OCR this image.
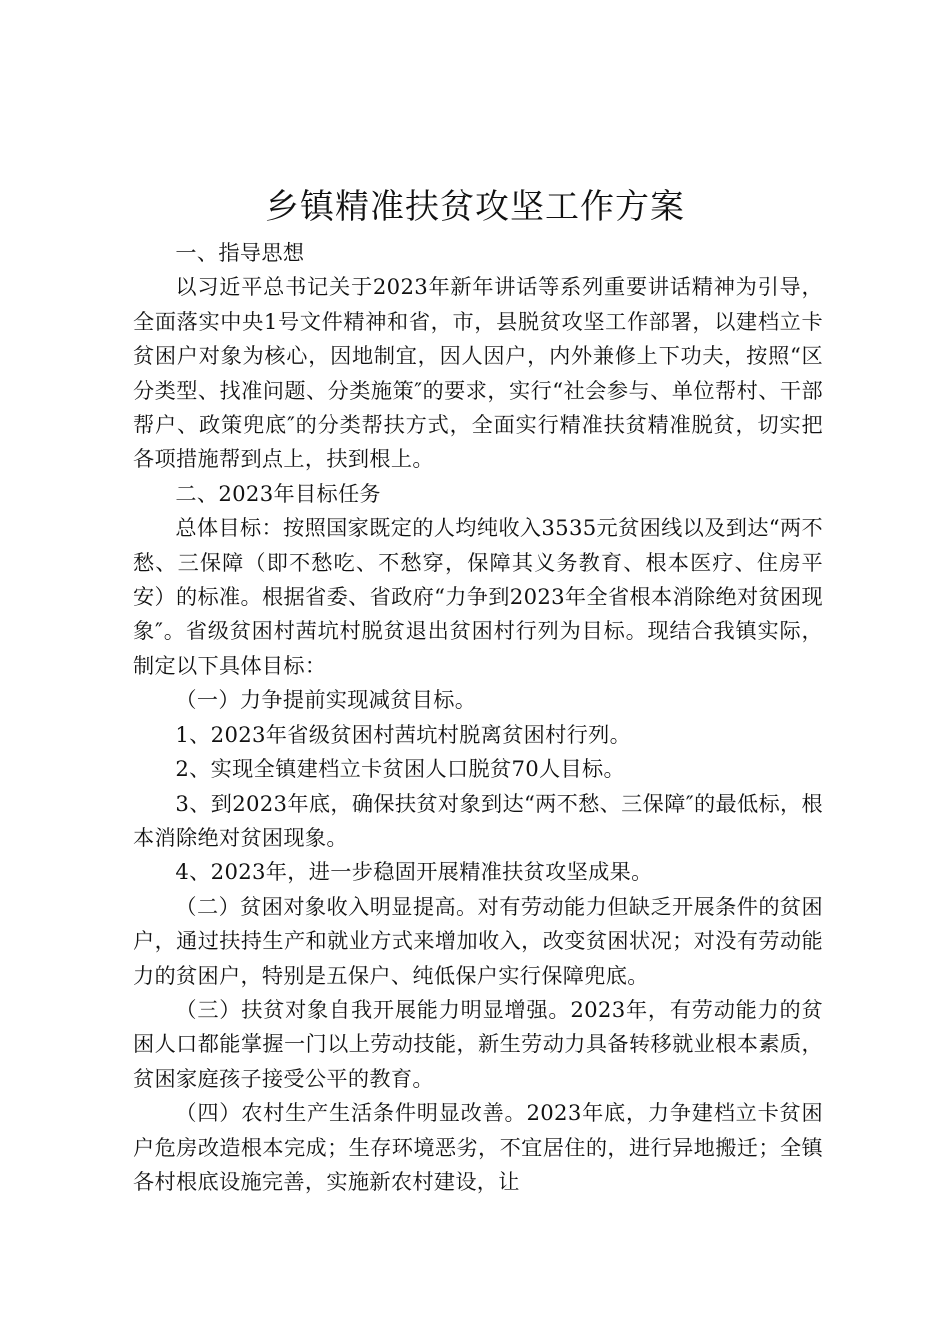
乡镇精准扶贫攻坚工作方案

一、指导思想

以习近平总书记关于2023年新年讲话等系列重要讲话精神为引导，全面落实中央1号文件精神和省，市，县脱贫攻坚工作部署，以建档立卡贫困户对象为核心，因地制宜，因人因户，内外兼修上下功夫，按照“区分类型、找准问题、分类施策″的要求，实行“社会参与、单位帮村、干部帮户、政策兜底″的分类帮扶方式，全面实行精准扶贫精准脱贫，切实把各项措施帮到点上，扶到根上。

二、2023年目标任务

总体目标：按照国家既定的人均纯收入3535元贫困线以及到达“两不愁、三保障（即不愁吃、不愁穿，保障其义务教育、根本医疗、住房平安）的标准。根据省委、省政府“力争到2023年全省根本消除绝对贫困现象″。省级贫困村茜坑村脱贫退出贫困村行列为目标。现结合我镇实际，制定以下具体目标：

（一）力争提前实现减贫目标。

1、2023年省级贫困村茜坑村脱离贫困村行列。

2、实现全镇建档立卡贫困人口脱贫70人目标。

3、到2023年底，确保扶贫对象到达“两不愁、三保障″的最低标，根本消除绝对贫困现象。

4、2023年，进一步稳固开展精准扶贫攻坚成果。

（二）贫困对象收入明显提高。对有劳动能力但缺乏开展条件的贫困户，通过扶持生产和就业方式来增加收入，改变贫困状况；对没有劳动能力的贫困户，特别是五保户、纯低保户实行保障兜底。

（三）扶贫对象自我开展能力明显增强。2023年，有劳动能力的贫困人口都能掌握一门以上劳动技能，新生劳动力具备转移就业根本素质，贫困家庭孩子接受公平的教育。

（四）农村生产生活条件明显改善。2023年底，力争建档立卡贫困户危房改造根本完成；生存环境恶劣，不宜居住的，进行异地搬迁；全镇各村根底设施完善，实施新农村建设，让
